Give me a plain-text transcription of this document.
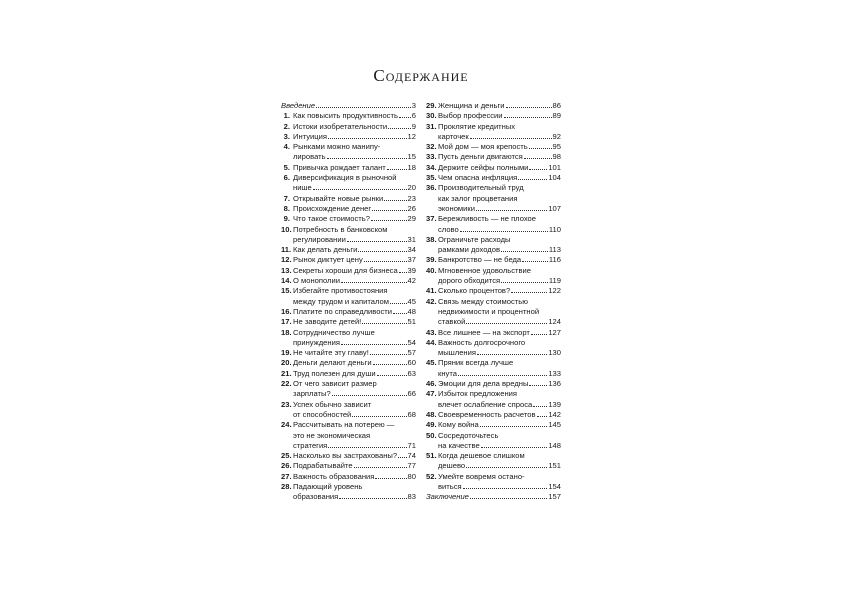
Содержание
Введение	3
1. Как повысить продуктивность 6
2. Истоки изобретательности	9
3. Интуиция	12
4. Рынками можно манипу-
лировать	15
5. Привычка рождает талант	18
6. Диверсификация в рыночной
нише	20
7. Открывайте новые рынки	23
8. Происхождение денег	26
9. Что такое стоимость?	29
10. Потребность в банковском
регулировании	31
11. Как делать деньги	34
12. Рынок диктует цену	37
13. Секреты хороши для бизнеса 39
14. О монополии	42
15. Избегайте противостояния
между трудом и капиталом 45
16. Платите по справедливости 48
17. Не заводите детей!	51
18. Сотрудничество лучше
принуждения	54
19. Не читайте эту главу!	57
20. Деньги делают деньги	60
21. Труд полезен для души	63
22. От чего зависит размер
зарплаты?	66
23. Успех обычно зависит
от способностей	68
24. Рассчитывать на потерею —
это не экономическая
стратегия	71
25. Насколько вы застрахованы? 74
26. Подрабатывайте	77
27. Важность образования	80
28. Падающий уровень
образования	83
29. Женщина и деньги	86
30. Выбор профессии	89
31. Проклятие кредитных
карточек	92
32. Мой дом — моя крепость	95
33. Пусть деньги двигаются	98
34. Держите сейфы полными	101
35. Чем опасна инфляция	104
36. Производительный труд
как залог процветания
экономики	107
37. Бережливость — не плохое
слово	110
38. Ограничьте расходы
рамками доходов	113
39. Банкротство — не беда	116
40. Мгновенное удовольствие
дорого обходится	119
41. Сколько процентов?	122
42. Связь между стоимостью
недвижимости и процентной
ставкой	124
43. Все лишнее — на экспорт 127
44. Важность долгосрочного
мышления	130
45. Пряник всегда лучше
кнута	133
46. Эмоции для дела вредны	136
47. Избыток предложения
влечет ослабление спроса 139
48. Своевременность расчетов 142
49. Кому война	145
50. Сосредоточьтесь
на качестве	148
51. Когда дешевое слишком
дешево	151
52. Умейте вовремя остано-
виться	154
Заключение	157
